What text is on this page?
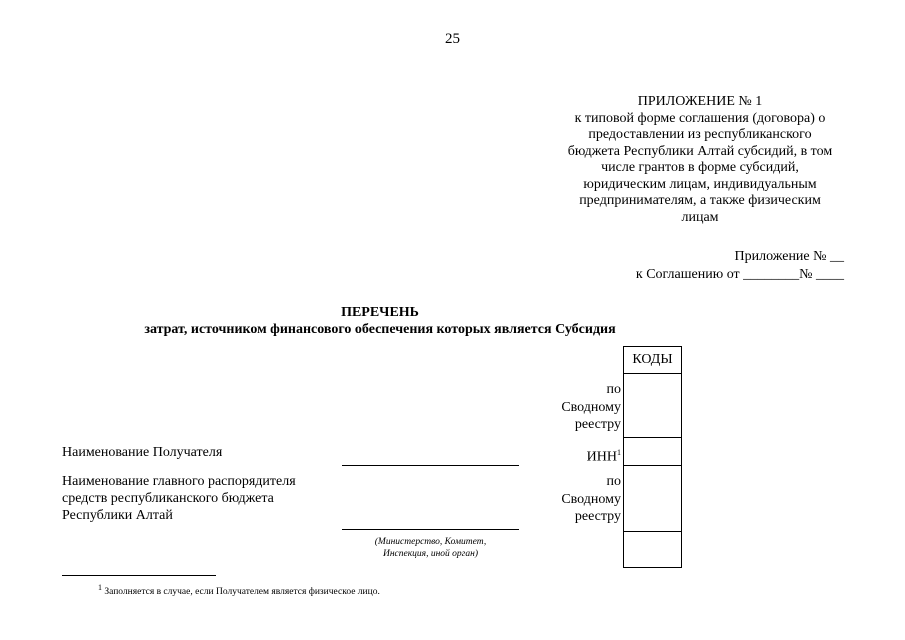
25
ПРИЛОЖЕНИЕ № 1
к типовой форме соглашения (договора) о
предоставлении из республиканского
бюджета Республики Алтай субсидий, в том
числе грантов в форме субсидий,
юридическим лицам, индивидуальным
предпринимателям, а также физическим
лицам
Приложение № __
к Соглашению от ________№ ____
ПЕРЕЧЕНЬ
затрат, источником финансового обеспечения которых является Субсидия
КОДЫ

по
Сводному
реестру
Наименование Получателя	ИНН$^1$
Наименование главного распорядителя
средств республиканского бюджета
Республики Алтай
по
Сводному
реестру
(Министерство, Комитет,
Инспекция, иной орган)
$^1$ Заполняется в случае, если Получателем является физическое лицо.
